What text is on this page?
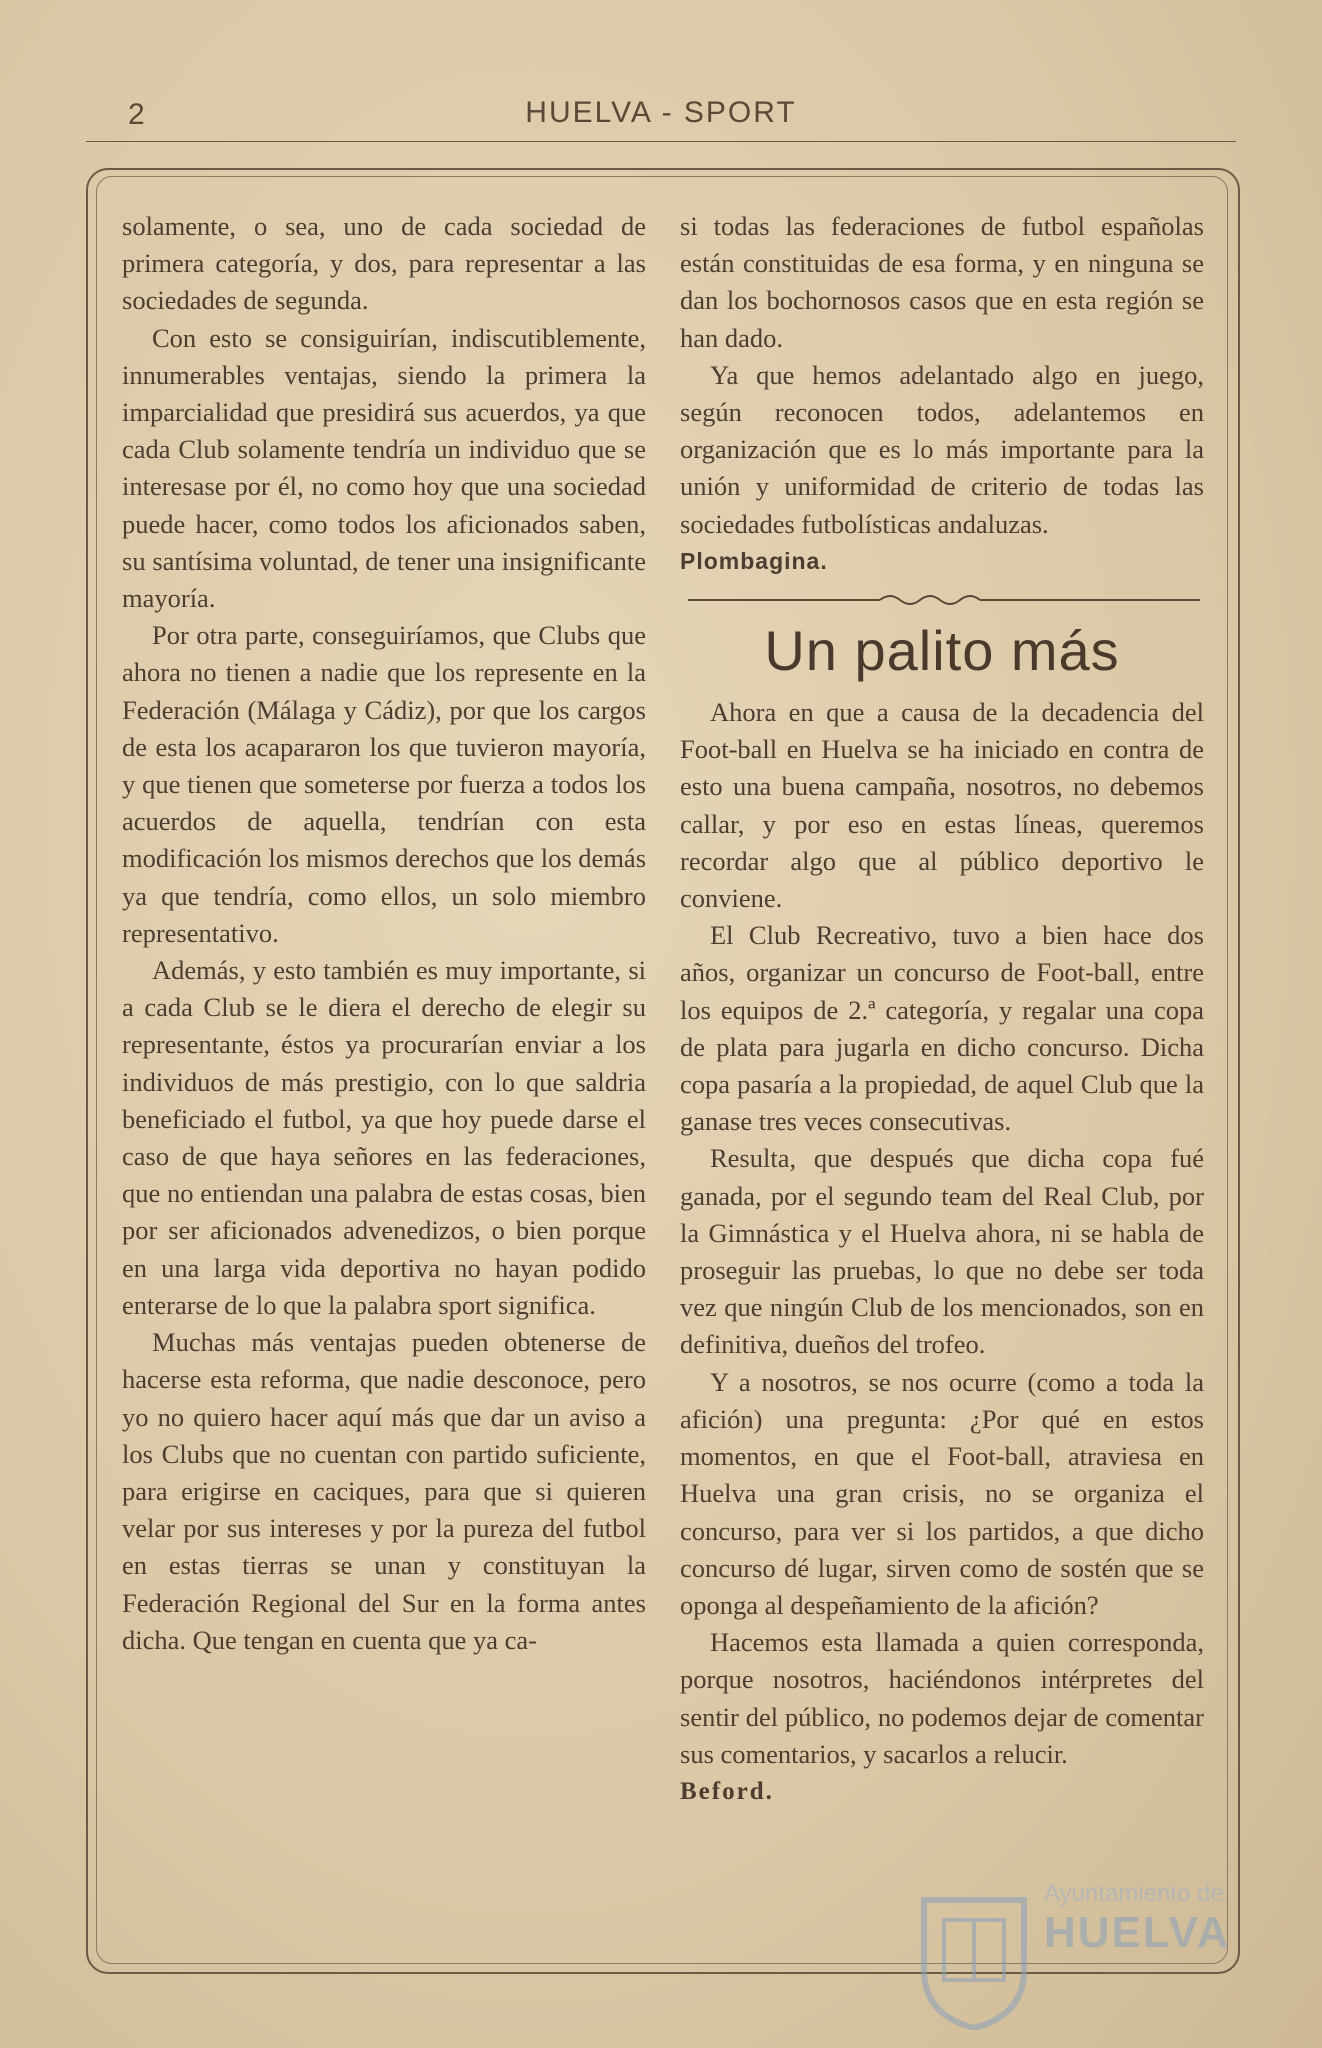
2	HUELVA - SPORT

solamente, o sea, uno de cada sociedad de primera categoría, y dos, para representar a las sociedades de segunda.

Con esto se consiguirían, indiscutiblemente, innumerables ventajas, siendo la primera la imparcialidad que presidirá sus acuerdos, ya que cada Club solamente tendría un individuo que se interesase por él, no como hoy que una sociedad puede hacer, como todos los aficionados saben, su santísima voluntad, de tener una insignificante mayoría.

Por otra parte, conseguiríamos, que Clubs que ahora no tienen a nadie que los represente en la Federación (Málaga y Cádiz), por que los cargos de esta los acapararon los que tuvieron mayoría, y que tienen que someterse por fuerza a todos los acuerdos de aquella, tendrían con esta modificación los mismos derechos que los demás ya que tendría, como ellos, un solo miembro representativo.

Además, y esto también es muy importante, si a cada Club se le diera el derecho de elegir su representante, éstos ya procurarían enviar a los individuos de más prestigio, con lo que saldria beneficiado el futbol, ya que hoy puede darse el caso de que haya señores en las federaciones, que no entiendan una palabra de estas cosas, bien por ser aficionados advenedizos, o bien porque en una larga vida deportiva no hayan podido enterarse de lo que la palabra sport significa.

Muchas más ventajas pueden obtenerse de hacerse esta reforma, que nadie desconoce, pero yo no quiero hacer aquí más que dar un aviso a los Clubs que no cuentan con partido suficiente, para erigirse en caciques, para que si quieren velar por sus intereses y por la pureza del futbol en estas tierras se unan y constituyan la Federación Regional del Sur en la forma antes dicha. Que tengan en cuenta que ya ca-

si todas las federaciones de futbol españolas están constituidas de esa forma, y en ninguna se dan los bochornosos casos que en esta región se han dado.

Ya que hemos adelantado algo en juego, según reconocen todos, adelantemos en organización que es lo más importante para la unión y uniformidad de criterio de todas las sociedades futbolísticas andaluzas.

Plombagina.

Un palito más

Ahora en que a causa de la decadencia del Foot-ball en Huelva se ha iniciado en contra de esto una buena campaña, nosotros, no debemos callar, y por eso en estas líneas, queremos recordar algo que al público deportivo le conviene.

El Club Recreativo, tuvo a bien hace dos años, organizar un concurso de Foot-ball, entre los equipos de 2.ª categoría, y regalar una copa de plata para jugarla en dicho concurso. Dicha copa pasaría a la propiedad, de aquel Club que la ganase tres veces consecutivas.

Resulta, que después que dicha copa fué ganada, por el segundo team del Real Club, por la Gimnástica y el Huelva ahora, ni se habla de proseguir las pruebas, lo que no debe ser toda vez que ningún Club de los mencionados, son en definitiva, dueños del trofeo.

Y a nosotros, se nos ocurre (como a toda la afición) una pregunta: ¿Por qué en estos momentos, en que el Foot-ball, atraviesa en Huelva una gran crisis, no se organiza el concurso, para ver si los partidos, a que dicho concurso dé lugar, sirven como de sostén que se oponga al despeñamiento de la afición?

Hacemos esta llamada a quien corresponda, porque nosotros, haciéndonos intérpretes del sentir del público, no podemos dejar de comentar sus comentarios, y sacarlos a relucir.

Beford.

Ayuntamiento de
HUELVA
